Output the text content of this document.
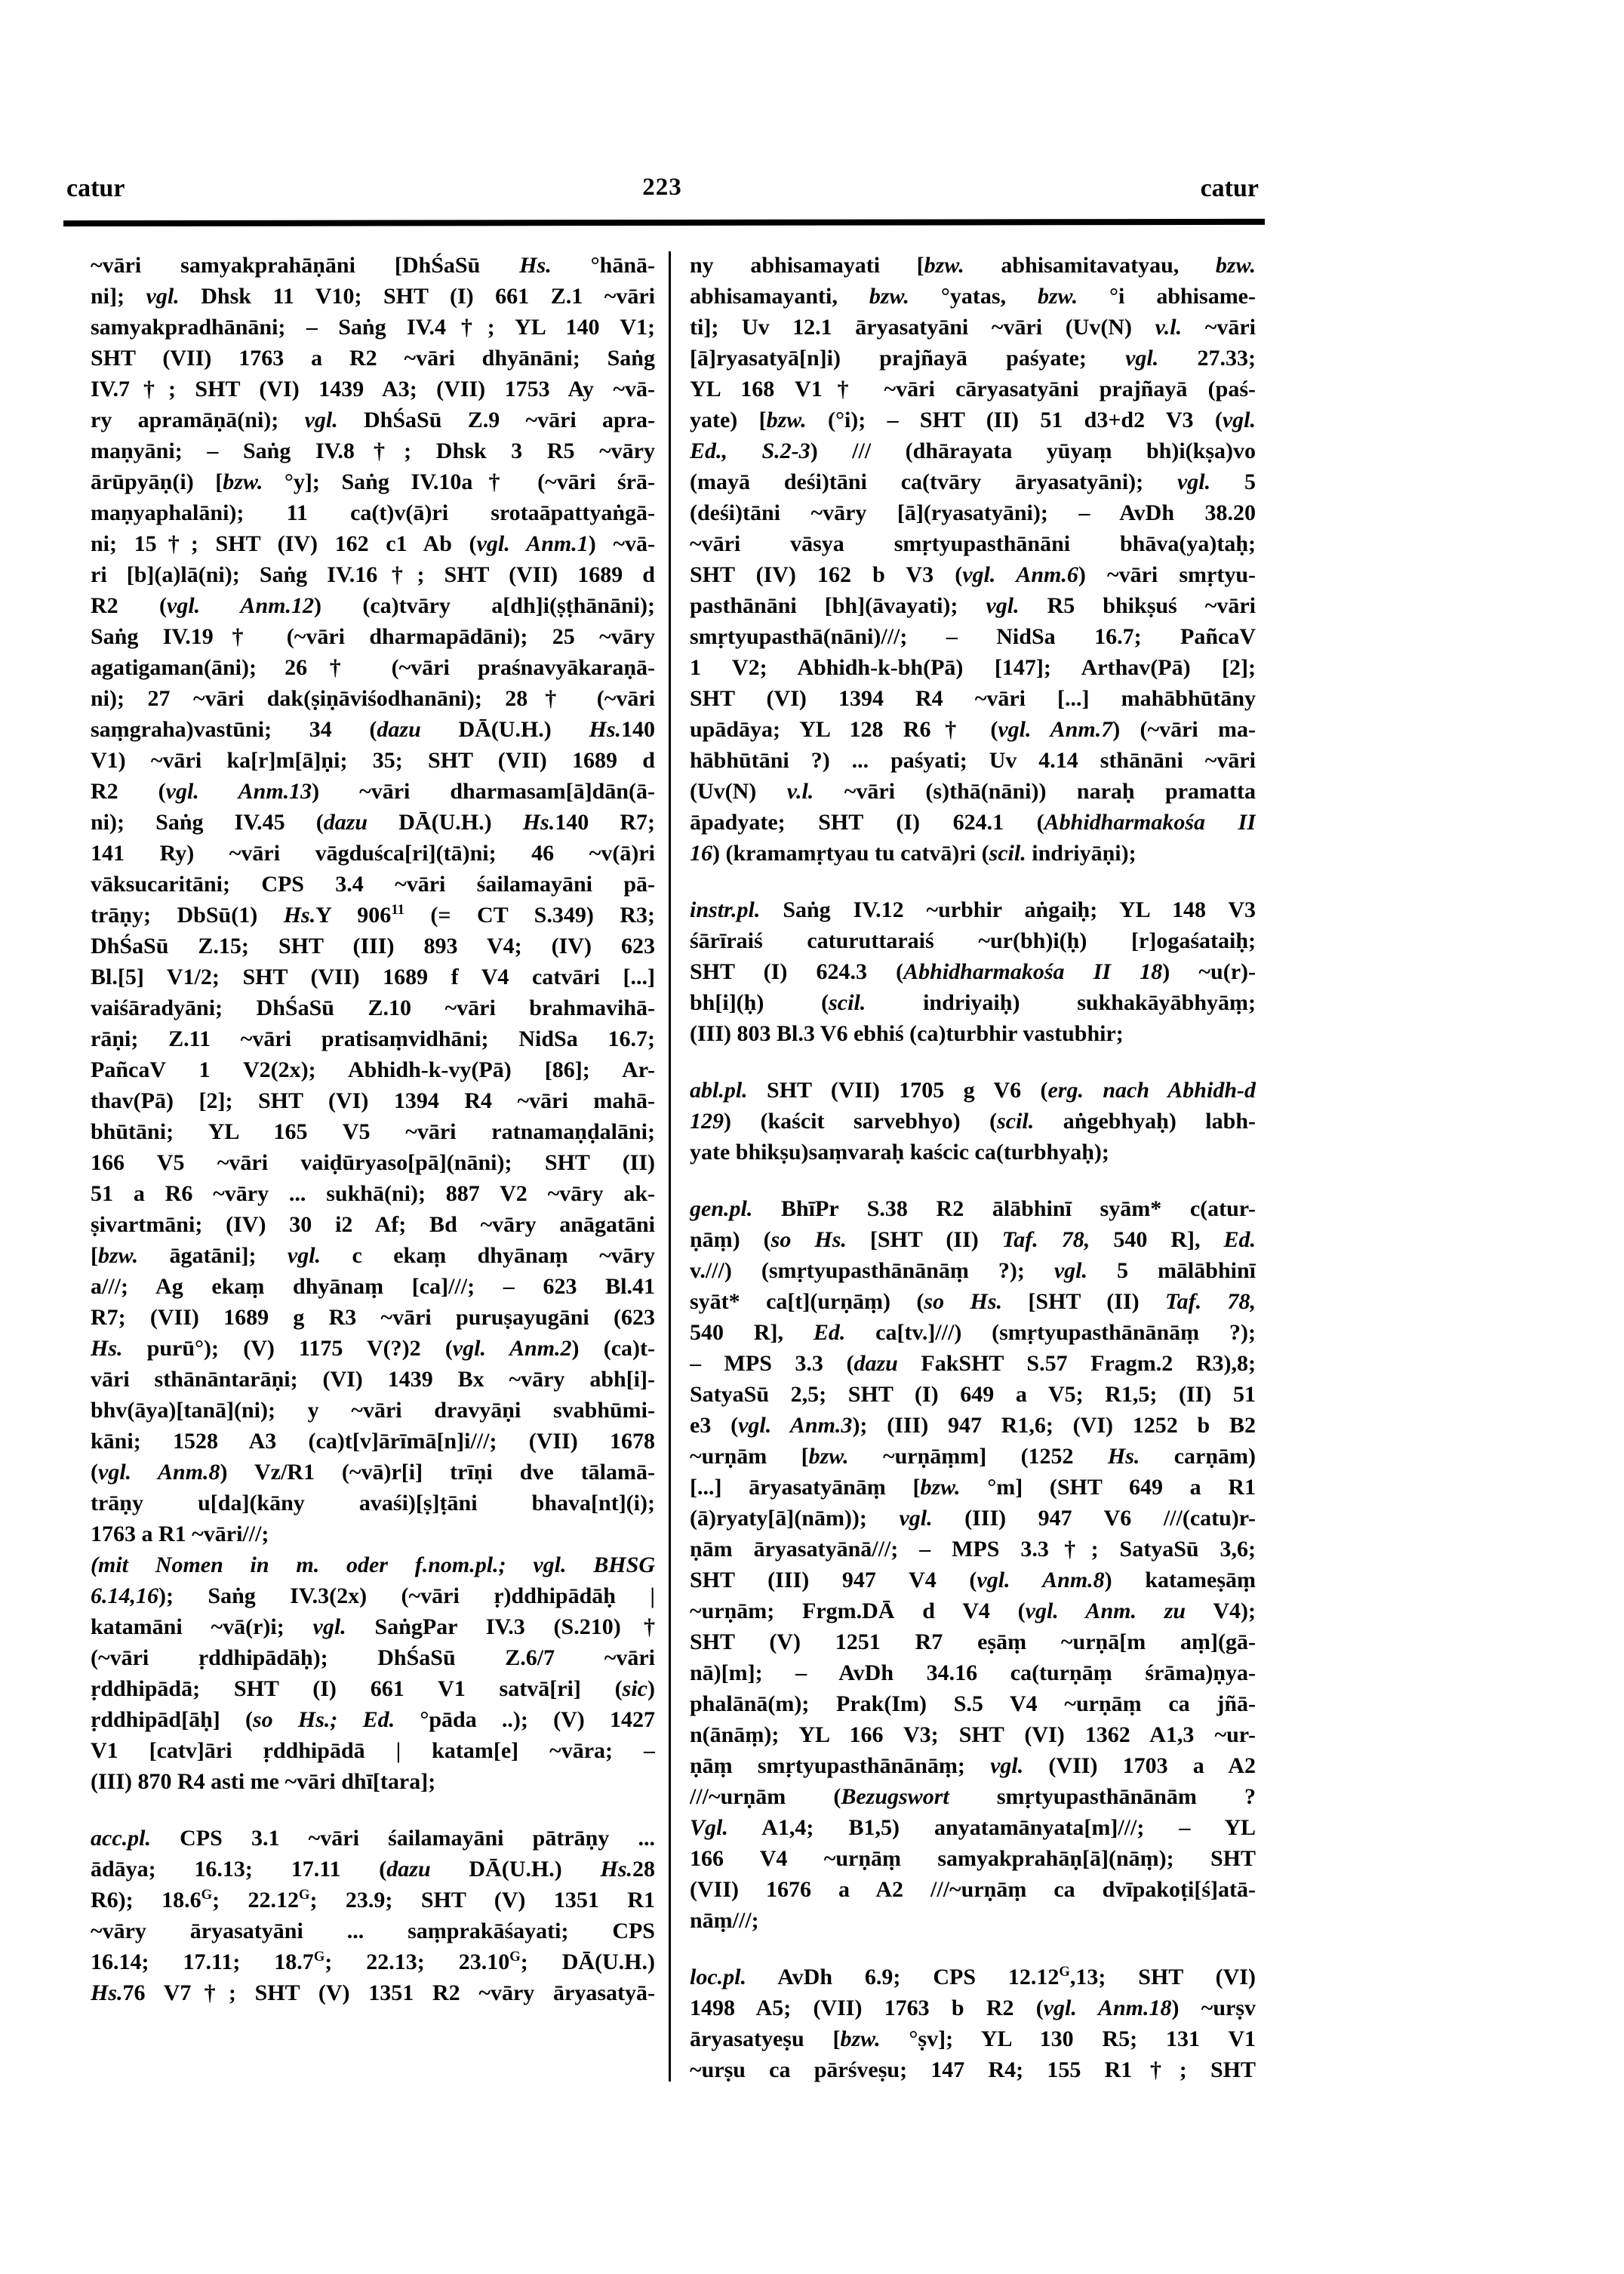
catur	223	catur
~vāri samyakprahāṇāni [DhŚaSū Hs. °hānā-
ni]; vgl. Dhsk 11 V10; SHT (I) 661 Z.1 ~vāri
samyakpradhānāni; – Saṅg IV.4†; YL 140 V1;
SHT (VII) 1763 a R2 ~vāri dhyānāni; Saṅg
IV.7†; SHT (VI) 1439 A3; (VII) 1753 Ay ~vā-
ry apramāṇā(ni); vgl. DhŚaSū Z.9 ~vāri apra-
maṇyāni; – Saṅg IV.8†; Dhsk 3 R5 ~vāry
ārūpyāṇ(i) [bzw. °y]; Saṅg IV.10a† (~vāri śrā-
maṇyaphalāni); 11 ca(t)v(ā)ri srotaāpattyaṅgā-
ni; 15†; SHT (IV) 162 c1 Ab (vgl. Anm.1) ~vā-
ri [b](a)lā(ni); Saṅg IV.16†; SHT (VII) 1689 d
R2 (vgl. Anm.12) (ca)tvāry a[dh]i(ṣṭhānāni);
Saṅg IV.19† (~vāri dharmapādāni); 25 ~vāry
agatigaman(āni); 26† (~vāri praśnavyākaraṇā-
ni); 27 ~vāri dak(ṣiṇāviśodhanāni); 28† (~vāri
saṃgraha)vastūni; 34 (dazu DĀ(U.H.) Hs.140
V1) ~vāri ka[r]m[ā]ṇi; 35; SHT (VII) 1689 d
R2 (vgl. Anm.13) ~vāri dharmasam[ā]dān(ā-
ni); Saṅg IV.45 (dazu DĀ(U.H.) Hs.140 R7;
141 Ry) ~vāri vāgduśca[ri](tā)ni; 46 ~v(ā)ri
vāksucaritāni; CPS 3.4 ~vāri śailamayāni pā-
trāṇy; DbSū(1) Hs.Y $906^{11}$ (= CT S.349) R3;
DhŚaSū Z.15; SHT (III) 893 V4; (IV) 623
Bl.[5] V1/2; SHT (VII) 1689 f V4 catvāri [...]
vaiśāradyāni; DhŚaSū Z.10 ~vāri brahmavihā-
rāṇi; Z.11 ~vāri pratisaṃvidhāni; NidSa 16.7;
PañcaV 1 V2(2x); Abhidh-k-vy(Pā) [86]; Ar-
thav(Pā) [2]; SHT (VI) 1394 R4 ~vāri mahā-
bhūtāni; YL 165 V5 ~vāri ratnamaṇḍalāni;
166 V5 ~vāri vaiḍūryaso[pā](nāni); SHT (II)
51 a R6 ~vāry ... sukhā(ni); 887 V2 ~vāry ak-
ṣivartmāni; (IV) 30 i2 Af; Bd ~vāry anāgatāni
[bzw. āgatāni]; vgl. c ekaṃ dhyānaṃ ~vāry
a///; Ag ekaṃ dhyānaṃ [ca]///; – 623 Bl.41
R7; (VII) 1689 g R3 ~vāri puruṣayugāni (623
Hs. purū°); (V) 1175 V(?)2 (vgl. Anm.2) (ca)t-
vāri sthānāntarāṇi; (VI) 1439 Bx ~vāry abh[i]-
bhv(āya)[tanā](ni); y ~vāri dravyāṇi svabhūmi-
kāni; 1528 A3 (ca)t[v]ārīmā[n]i///; (VII) 1678
(vgl. Anm.8) Vz/R1 (~vā)r[i] trīṇi dve tālamā-
trāṇy u[da](kāny avaśi)[ṣ]ṭāni bhava[nt](i);
1763 a R1 ~vāri///;
(mit Nomen in m. oder f.nom.pl.; vgl. BHSG
6.14,16); Saṅg IV.3(2x) (~vāri ṛ)ddhipādāḥ |
katamāni ~vā(r)i; vgl. SaṅgPar IV.3 (S.210)†
(~vāri ṛddhipādāḥ); DhŚaSū Z.6/7 ~vāri
ṛddhipādā; SHT (I) 661 V1 satvā[ri] (sic)
ṛddhipād[āḥ] (so Hs.; Ed. °pāda ..); (V) 1427
V1 [catv]āri ṛddhipādā | katam[e] ~vāra; –
(III) 870 R4 asti me ~vāri dhī[tara];
acc.pl. CPS 3.1 ~vāri śailamayāni pātrāṇy ...
ādāya; 16.13; 17.11 (dazu DĀ(U.H.) Hs.28
R6); $18.6^G$; $22.12^G$; 23.9; SHT (V) 1351 R1
~vāry āryasatyāni ... saṃprakāśayati; CPS
16.14; 17.11; $18.7^G$; 22.13; $23.10^G$; DĀ(U.H.)
Hs.76 V7†; SHT (V) 1351 R2 ~vāry āryasatyā-
ny abhisamayati [bzw. abhisamitavatyau, bzw.
abhisamayanti, bzw. °yatas, bzw. °i abhisame-
ti]; Uv 12.1 āryasatyāni ~vāri (Uv(N) v.l. ~vāri
[ā]ryasatyā[n]i) prajñayā paśyate; vgl. 27.33;
YL 168 V1† ~vāri cāryasatyāni prajñayā (paś-
yate) [bzw. (°i); – SHT (II) 51 d3+d2 V3 (vgl.
Ed., S.2-3) /// (dhārayata yūyaṃ bh)i(kṣa)vo
(mayā deśi)tāni ca(tvāry āryasatyāni); vgl. 5
(deśi)tāni ~vāry [ā](ryasatyāni); – AvDh 38.20
~vāri vāsya smṛtyupasthānāni bhāva(ya)taḥ;
SHT (IV) 162 b V3 (vgl. Anm.6) ~vāri smṛtyu-
pasthānāni [bh](āvayati); vgl. R5 bhikṣuś ~vāri
smṛtyupasthā(nāni)///; – NidSa 16.7; PañcaV
1 V2; Abhidh-k-bh(Pā) [147]; Arthav(Pā) [2];
SHT (VI) 1394 R4 ~vāri [...] mahābhūtāny
upādāya; YL 128 R6† (vgl. Anm.7) (~vāri ma-
hābhūtāni ?) ... paśyati; Uv 4.14 sthānāni ~vāri
(Uv(N) v.l. ~vāri (s)thā(nāni)) naraḥ pramatta
āpadyate; SHT (I) 624.1 (Abhidharmakośa II
16) (kramamṛtyau tu catvā)ri (scil. indriyāṇi);
instr.pl. Saṅg IV.12 ~urbhir aṅgaiḥ; YL 148 V3
śārīraiś caturuttaraiś ~ur(bh)i(ḥ) [r]ogaśataiḥ;
SHT (I) 624.3 (Abhidharmakośa II 18) ~u(r)-
bh[i](ḥ) (scil. indriyaiḥ) sukhakāyābhyāṃ;
(III) 803 Bl.3 V6 ebhiś (ca)turbhir vastubhir;
abl.pl. SHT (VII) 1705 g V6 (erg. nach Abhidh-d
129) (kaścit sarvebhyo) (scil. aṅgebhyaḥ) labh-
yate bhikṣu)saṃvaraḥ kaścic ca(turbhyaḥ);
gen.pl. BhīPr S.38 R2 ālābhinī syām* c(atur-
ṇāṃ) (so Hs. [SHT (II) Taf. 78, 540 R], Ed.
v.///) (smṛtyupasthānānāṃ ?); vgl. 5 mālābhinī
syāt* ca[t](urṇāṃ) (so Hs. [SHT (II) Taf. 78,
540 R], Ed. ca[tv.]///) (smṛtyupasthānānāṃ ?);
– MPS 3.3 (dazu FakSHT S.57 Fragm.2 R3),8;
SatyaSū 2,5; SHT (I) 649 a V5; R1,5; (II) 51
e3 (vgl. Anm.3); (III) 947 R1,6; (VI) 1252 b B2
~urṇām [bzw. ~urṇāṃm] (1252 Hs. carṇām)
[...] āryasatyānāṃ [bzw. °m] (SHT 649 a R1
(ā)ryaty[ā](nām)); vgl. (III) 947 V6 ///(catu)r-
ṇām āryasatyānā///; – MPS 3.3†; SatyaSū 3,6;
SHT (III) 947 V4 (vgl. Anm.8) katameṣāṃ
~urṇām; Frgm.DĀ d V4 (vgl. Anm. zu V4);
SHT (V) 1251 R7 eṣāṃ ~urṇā[m aṃ](gā-
nā)[m]; – AvDh 34.16 ca(turṇāṃ śrāma)ṇya-
phalānā(m); Prak(Im) S.5 V4 ~urṇāṃ ca jñā-
n(ānāṃ); YL 166 V3; SHT (VI) 1362 A1,3 ~ur-
ṇāṃ smṛtyupasthānānāṃ; vgl. (VII) 1703 a A2
///~urṇām (Bezugswort smṛtyupasthānānām ?
Vgl. A1,4; B1,5) anyatamānyata[m]///; – YL
166 V4 ~urṇāṃ samyakprahāṇ[ā](nāṃ); SHT
(VII) 1676 a A2 ///~urṇāṃ ca dvīpakoṭi[ś]atā-
nāṃ///;
loc.pl. AvDh 6.9; CPS $12.12^G,13$; SHT (VI)
1498 A5; (VII) 1763 b R2 (vgl. Anm.18) ~urṣv
āryasatyeṣu [bzw. °ṣv]; YL 130 R5; 131 V1
~urṣu ca pārśveṣu; 147 R4; 155 R1†; SHT
